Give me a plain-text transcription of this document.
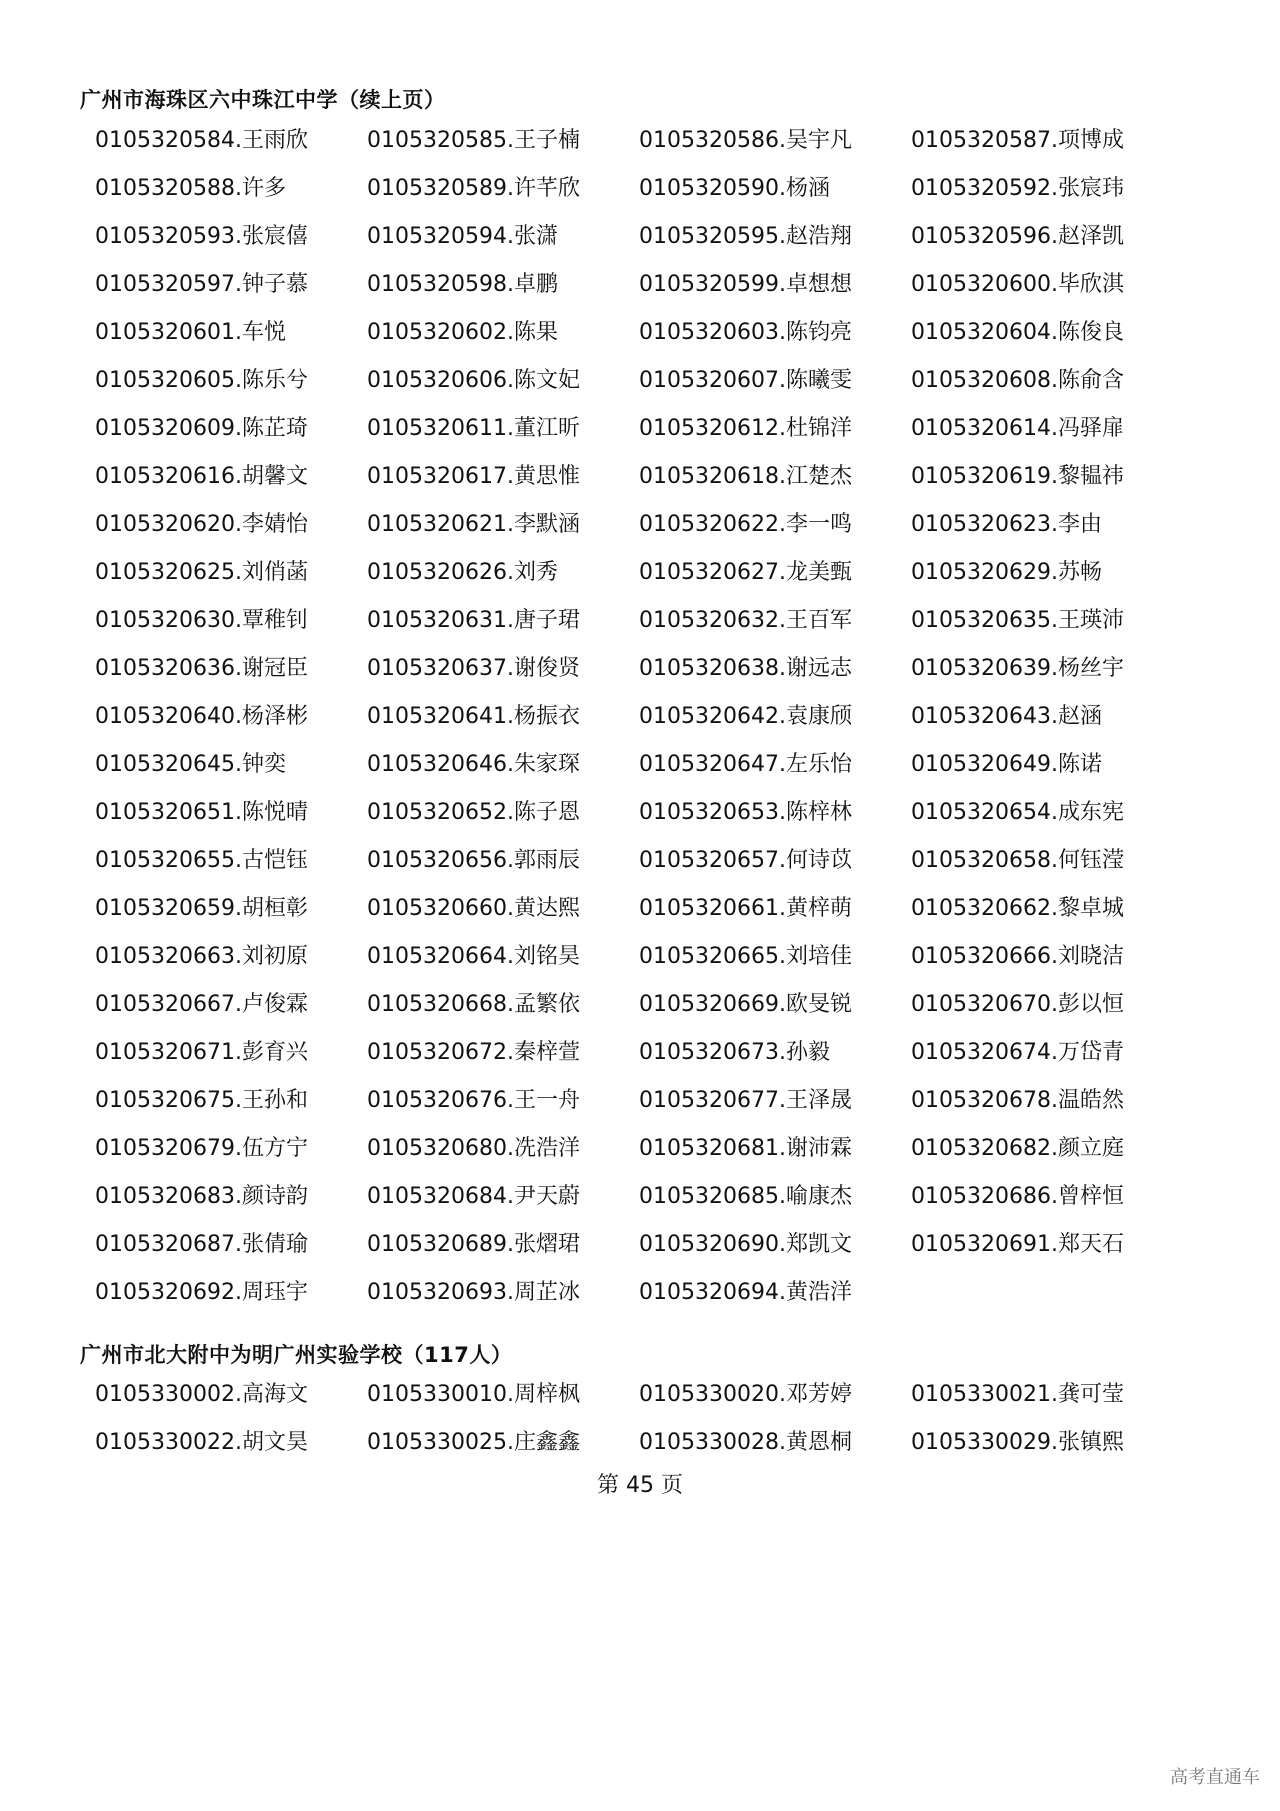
广州市海珠区六中珠江中学（续上页）
0105320584.王雨欣	0105320585.王子楠	0105320586.吴宇凡	0105320587.项博成
0105320588.许多	0105320589.许芊欣	0105320590.杨涵	0105320592.张宸玮
0105320593.张宸僖	0105320594.张潇	0105320595.赵浩翔	0105320596.赵泽凯
0105320597.钟子慕	0105320598.卓鹏	0105320599.卓想想	0105320600.毕欣淇
0105320601.车悦	0105320602.陈果	0105320603.陈钧亮	0105320604.陈俊良
0105320605.陈乐兮	0105320606.陈文妃	0105320607.陈曦雯	0105320608.陈俞含
0105320609.陈芷琦	0105320611.董江昕	0105320612.杜锦洋	0105320614.冯驿扉
0105320616.胡馨文	0105320617.黄思惟	0105320618.江楚杰	0105320619.黎韫祎
0105320620.李婧怡	0105320621.李默涵	0105320622.李一鸣	0105320623.李由
0105320625.刘俏菡	0105320626.刘秀	0105320627.龙美甄	0105320629.苏畅
0105320630.覃稚钊	0105320631.唐子珺	0105320632.王百军	0105320635.王瑛沛
0105320636.谢冠臣	0105320637.谢俊贤	0105320638.谢远志	0105320639.杨丝宇
0105320640.杨泽彬	0105320641.杨振衣	0105320642.袁康颀	0105320643.赵涵
0105320645.钟奕	0105320646.朱家琛	0105320647.左乐怡	0105320649.陈诺
0105320651.陈悦晴	0105320652.陈子恩	0105320653.陈梓林	0105320654.成东宪
0105320655.古恺钰	0105320656.郭雨辰	0105320657.何诗苡	0105320658.何钰滢
0105320659.胡桓彰	0105320660.黄达熙	0105320661.黄梓萌	0105320662.黎卓城
0105320663.刘初原	0105320664.刘铭昊	0105320665.刘培佳	0105320666.刘晓洁
0105320667.卢俊霖	0105320668.孟繁依	0105320669.欧旻锐	0105320670.彭以恒
0105320671.彭育兴	0105320672.秦梓萱	0105320673.孙毅	0105320674.万岱青
0105320675.王孙和	0105320676.王一舟	0105320677.王泽晟	0105320678.温皓然
0105320679.伍方宁	0105320680.冼浩洋	0105320681.谢沛霖	0105320682.颜立庭
0105320683.颜诗韵	0105320684.尹天蔚	0105320685.喻康杰	0105320686.曾梓恒
0105320687.张倩瑜	0105320689.张熠珺	0105320690.郑凯文	0105320691.郑天石
0105320692.周珏宇	0105320693.周芷冰	0105320694.黄浩洋
广州市北大附中为明广州实验学校（117人）
0105330002.高海文	0105330010.周梓枫	0105330020.邓芳婷	0105330021.龚可莹
0105330022.胡文昊	0105330025.庄鑫鑫	0105330028.黄恩桐	0105330029.张镇熙
第 45 页
高考直通车
